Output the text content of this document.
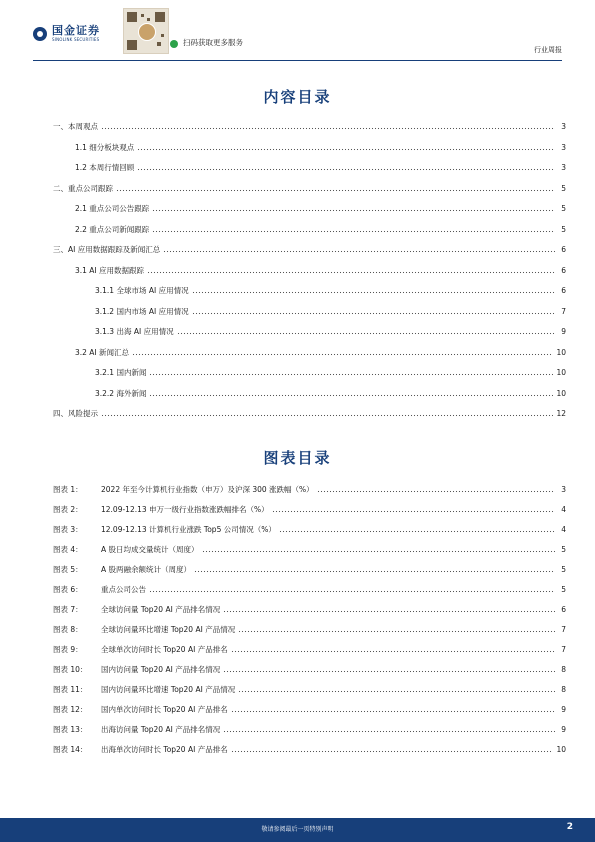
国金证券
SINOLINK SECURITIES	扫码获取更多服务
行业周报
内容目录
一、本周观点	3
1.1 细分板块观点	3
1.2 本周行情回顾	3
二、重点公司跟踪	5
2.1 重点公司公告跟踪	5
2.2 重点公司新闻跟踪	5
三、AI 应用数据跟踪及新闻汇总	6
3.1 AI 应用数据跟踪	6
3.1.1 全球市场 AI 应用情况	6
3.1.2 国内市场 AI 应用情况	7
3.1.3 出海 AI 应用情况	9
3.2 AI 新闻汇总	10
3.2.1 国内新闻	10
3.2.2 海外新闻	10
四、风险提示	12
图表目录
图表 1：	2022 年至今计算机行业指数（申万）及沪深 300 涨跌幅（%）	3
图表 2：	12.09-12.13 申万一级行业指数涨跌幅排名（%）	4
图表 3：	12.09-12.13 计算机行业涨跌 Top5 公司情况（%）	4
图表 4：	A 股日均成交量统计（周度）	5
图表 5：	A 股两融余额统计（周度）	5
图表 6：	重点公司公告	5
图表 7：	全球访问量 Top20 AI 产品排名情况	6
图表 8：	全球访问量环比增速 Top20 AI 产品情况	7
图表 9：	全球单次访问时长 Top20 AI 产品排名	7
图表 10：	国内访问量 Top20 AI 产品排名情况	8
图表 11：	国内访问量环比增速 Top20 AI 产品情况	8
图表 12：	国内单次访问时长 Top20 AI 产品排名	9
图表 13：	出海访问量 Top20 AI 产品排名情况	9
图表 14：	出海单次访问时长 Top20 AI 产品排名	10
敬请参阅最后一页特别声明	2
